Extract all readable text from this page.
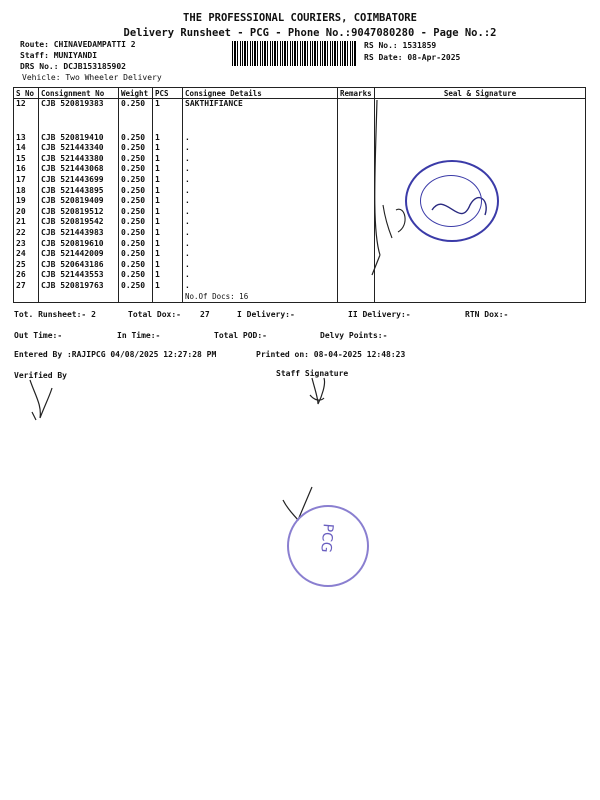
THE PROFESSIONAL COURIERS, COIMBATORE
Delivery Runsheet - PCG - Phone No.:9047080280 - Page No.:2
Route: CHINAVEDAMPATTI 2
Staff: MUNIYANDI
DRS No.: DCJB153185902
Vehicle: Two Wheeler Delivery
RS No.: 1531859
RS Date: 08-Apr-2025
S No	Consignment No	Weight	PCS	Consignee Details	Remarks	Seal & Signature
12	CJB 520819383	0.250	1	SAKTHIFIANCE		

13	CJB 520819410	0.250	1	.		
14	CJB 521443340	0.250	1	.		
15	CJB 521443380	0.250	1	.		
16	CJB 521443068	0.250	1	.		
17	CJB 521443699	0.250	1	.		
18	CJB 521443895	0.250	1	.		
19	CJB 520819409	0.250	1	.		
20	CJB 520819512	0.250	1	.		
21	CJB 520819542	0.250	1	.		
22	CJB 521443983	0.250	1	.		
23	CJB 520819610	0.250	1	.		
24	CJB 521442009	0.250	1	.		
25	CJB 520643186	0.250	1	.		
26	CJB 521443553	0.250	1	.		
27	CJB 520819763	0.250	1	.		
				No.Of Docs: 16		
Tot. Runsheet:- 2	Total Dox:- 27	I Delivery:-	II Delivery:-	RTN Dox:-
Out Time:-	In Time:-	Total POD:-	Delvy Points:-
Entered By :RAJIPCG 04/08/2025 12:27:28 PM	Printed on: 08-04-2025 12:48:23
Verified By	Staff Signature
PCG
